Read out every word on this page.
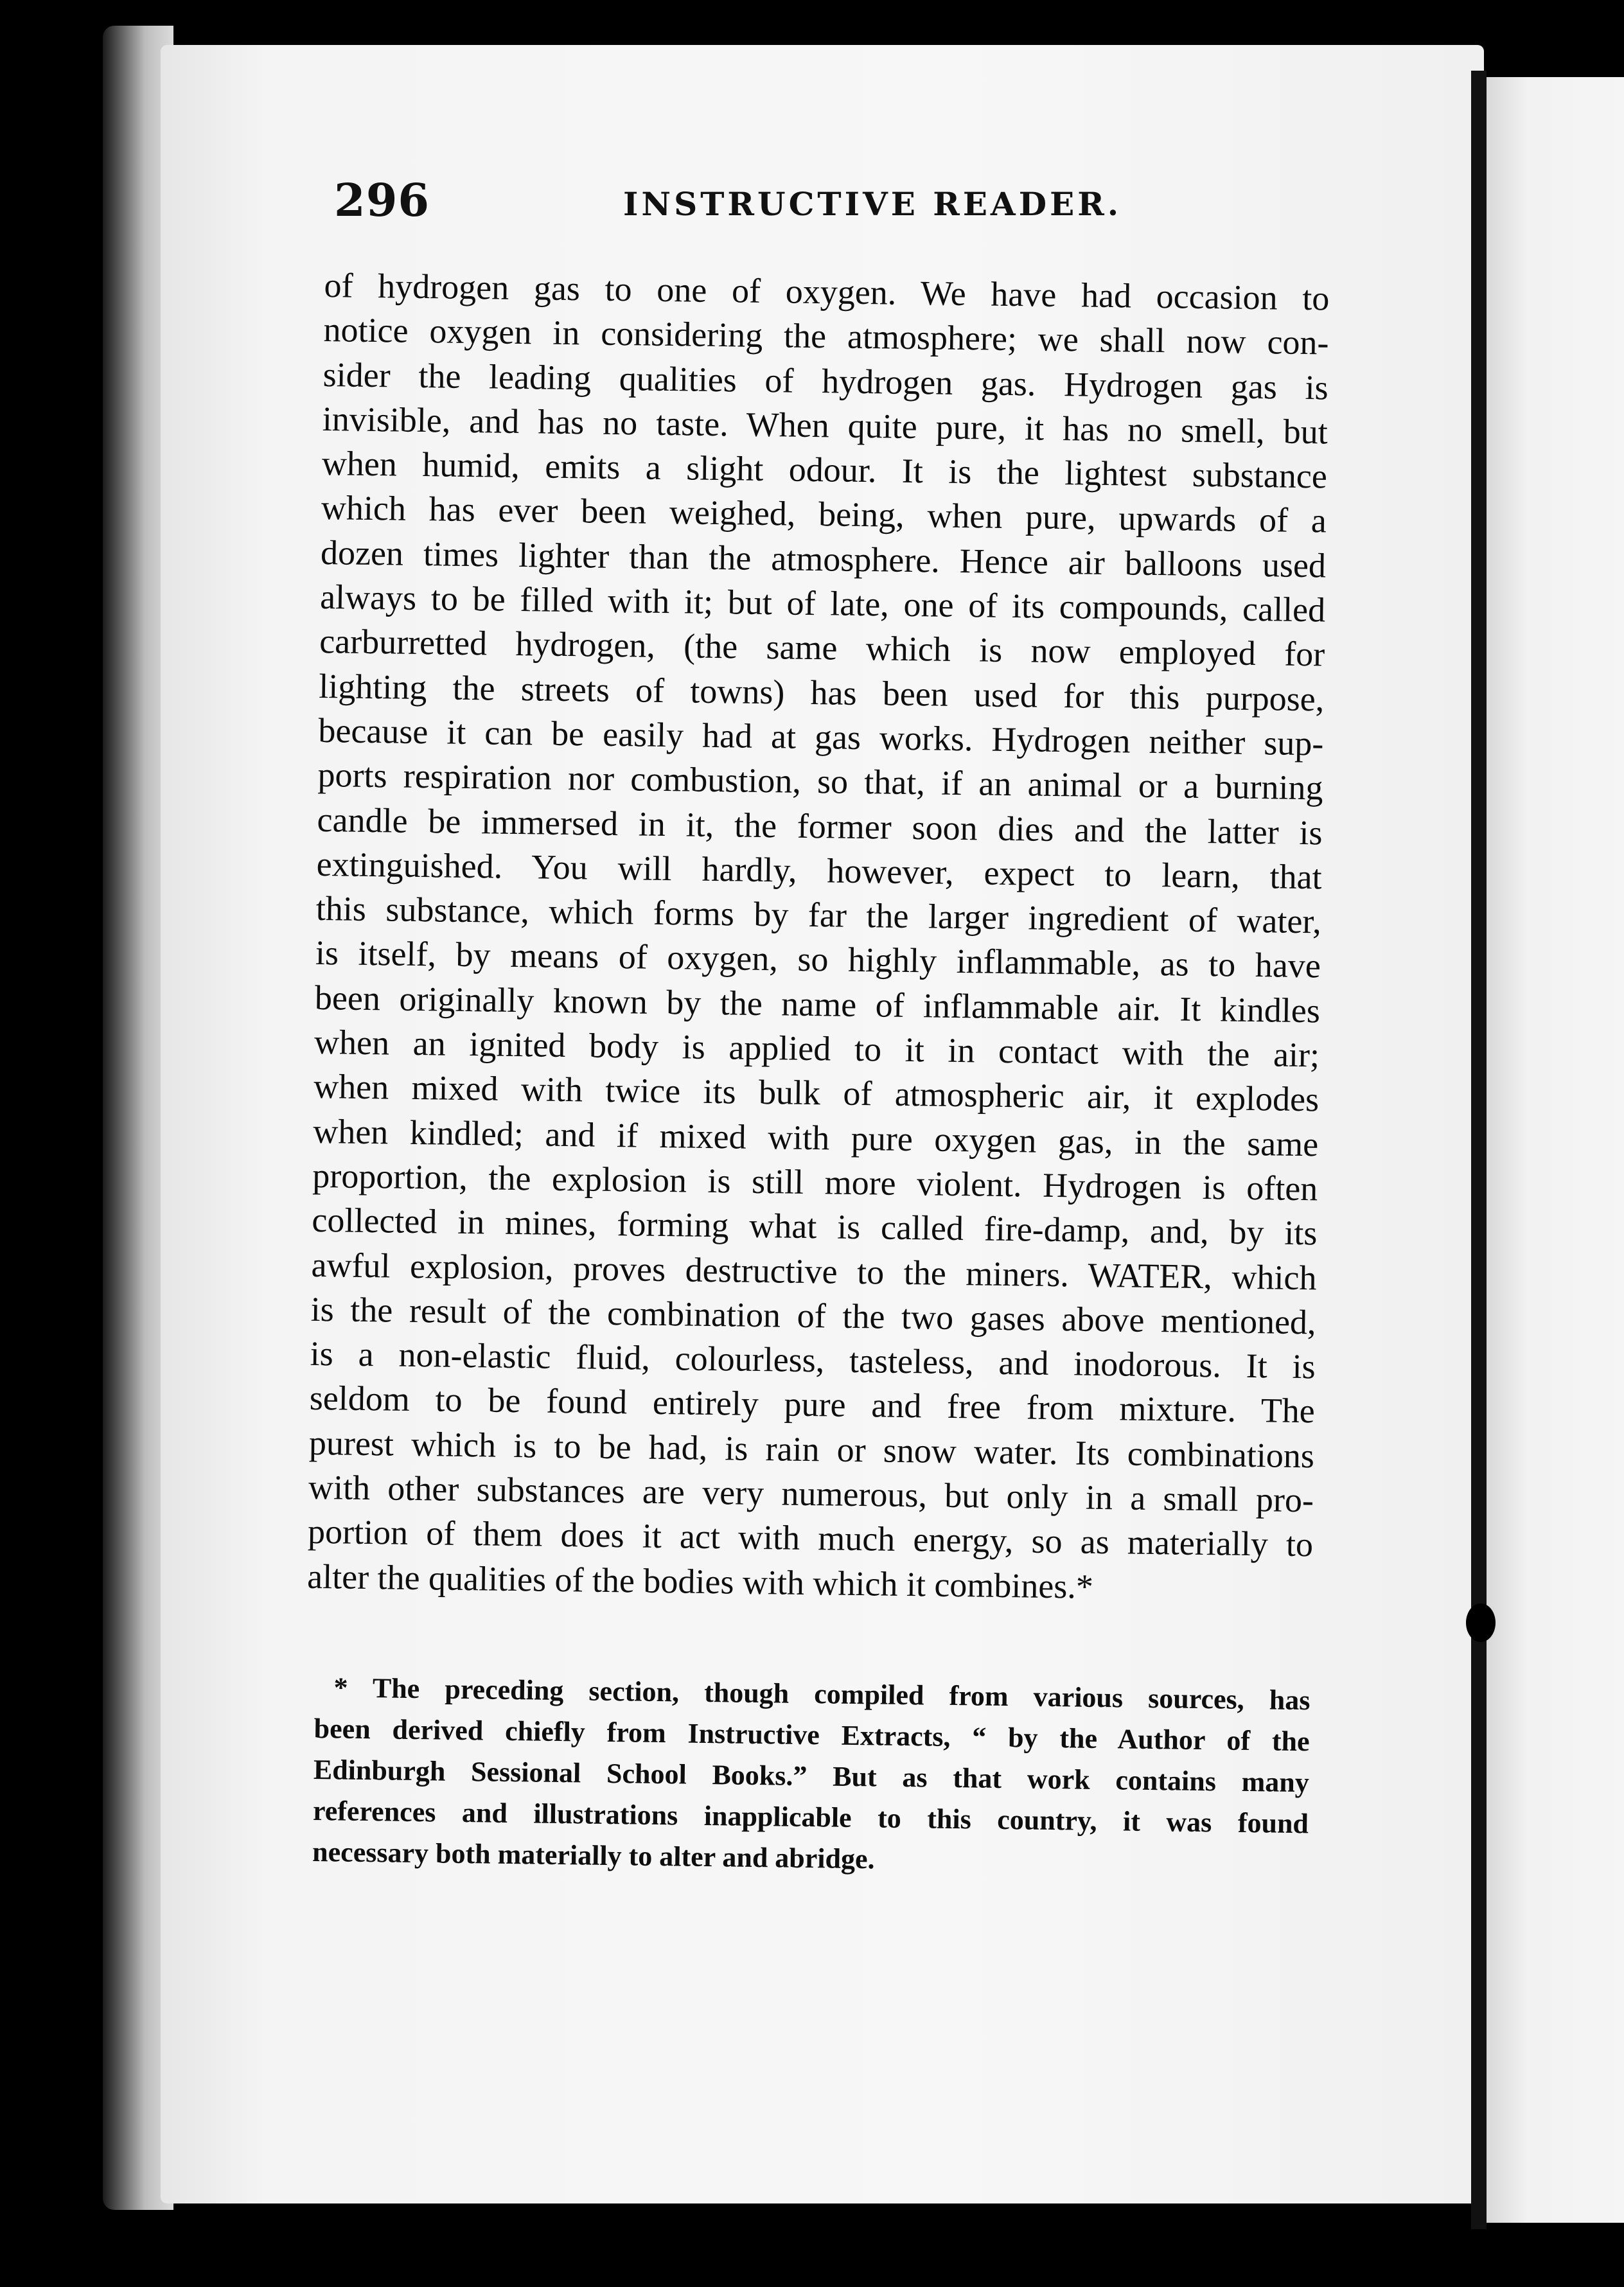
296	INSTRUCTIVE READER.
of hydrogen gas to one of oxygen. We have had occasion to
notice oxygen in considering the atmosphere; we shall now con-
sider the leading qualities of hydrogen gas. Hydrogen gas is
invisible, and has no taste. When quite pure, it has no smell, but
when humid, emits a slight odour. It is the lightest substance
which has ever been weighed, being, when pure, upwards of a
dozen times lighter than the atmosphere. Hence air balloons used
always to be filled with it; but of late, one of its compounds, called
carburretted hydrogen, (the same which is now employed for
lighting the streets of towns) has been used for this purpose,
because it can be easily had at gas works. Hydrogen neither sup-
ports respiration nor combustion, so that, if an animal or a burning
candle be immersed in it, the former soon dies and the latter is
extinguished. You will hardly, however, expect to learn, that
this substance, which forms by far the larger ingredient of water,
is itself, by means of oxygen, so highly inflammable, as to have
been originally known by the name of inflammable air. It kindles
when an ignited body is applied to it in contact with the air;
when mixed with twice its bulk of atmospheric air, it explodes
when kindled; and if mixed with pure oxygen gas, in the same
proportion, the explosion is still more violent. Hydrogen is often
collected in mines, forming what is called fire-damp, and, by its
awful explosion, proves destructive to the miners. WATER, which
is the result of the combination of the two gases above mentioned,
is a non-elastic fluid, colourless, tasteless, and inodorous. It is
seldom to be found entirely pure and free from mixture. The
purest which is to be had, is rain or snow water. Its combinations
with other substances are very numerous, but only in a small pro-
portion of them does it act with much energy, so as materially to
alter the qualities of the bodies with which it combines.*
* The preceding section, though compiled from various sources, has
been derived chiefly from Instructive Extracts, “ by the Author of the
Edinburgh Sessional School Books.” But as that work contains many
references and illustrations inapplicable to this country, it was found
necessary both materially to alter and abridge.
